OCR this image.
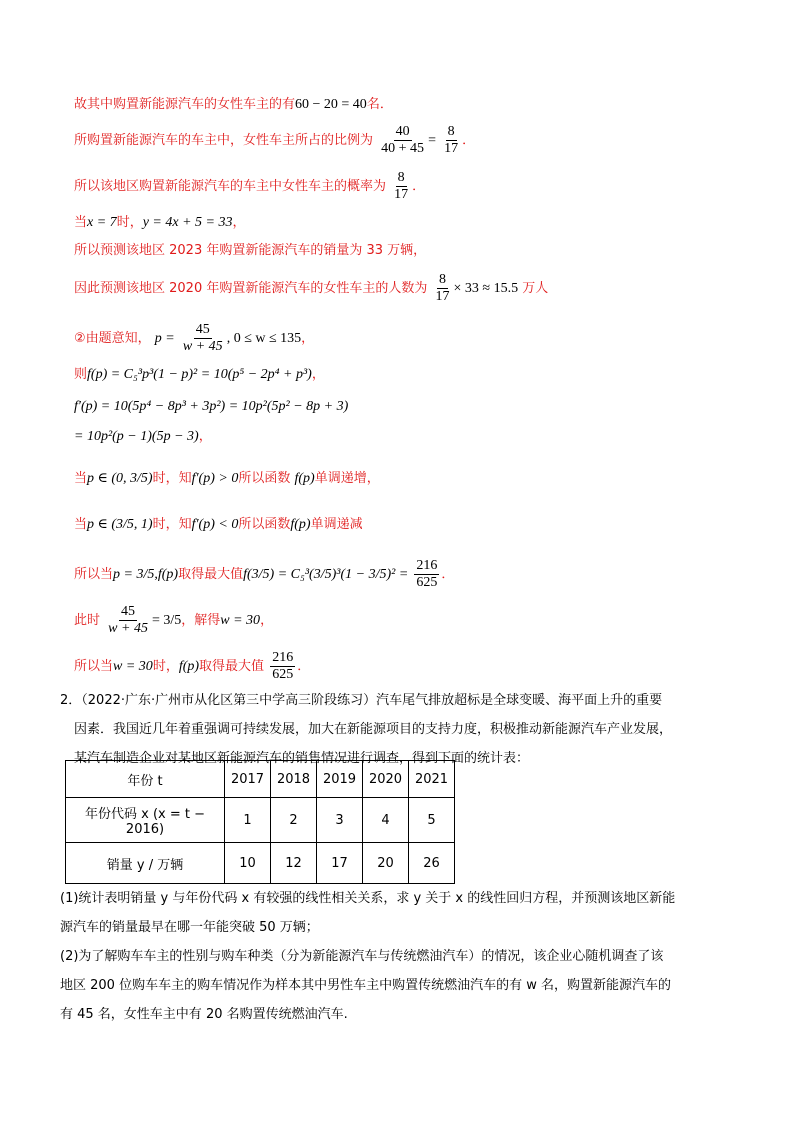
故其中购置新能源汽车的女性车主的有60 − 20 = 40名．
所购置新能源汽车的车主中，女性车主所占的比例为 $\frac{40}{40 + 45} = \frac{8}{17}$ ．
所以该地区购置新能源汽车的车主中女性车主的概率为 $\frac{8}{17}$ ．
当x = 7时，y = 4x + 5 = 33，
所以预测该地区 2023 年购置新能源汽车的销量为 33 万辆，
因此预测该地区 2020 年购置新能源汽车的女性车主的人数为 $\frac{8}{17} \times 33 \approx 15.5$ 万人
②由题意知， $p = \frac{45}{w + 45}$ , 0 ≤ w ≤ 135，
则f(p) = C₅³p³(1 − p)² = 10(p⁵ − 2p⁴ + p³)，
f′(p) = 10(5p⁴ − 8p³ + 3p²) = 10p²(5p² − 8p + 3)
= 10p²(p − 1)(5p − 3)，
当p ∈ (0, 3/5)时，知f′(p) > 0所以函数 f(p)单调递增，
当p ∈ (3/5, 1)时，知f′(p) < 0所以函数f(p)单调递减
所以当p = 3/5,f(p)取得最大值$f(3/5) = C_5^3(3/5)^3(1 - 3/5)^2 = \frac{216}{625}$ ．
此时 $\frac{45}{w + 45} = 3/5$，解得w = 30，
所以当w = 30时，f(p)取得最大值 $\frac{216}{625}$ ．
2．（2022·广东·广州市从化区第三中学高三阶段练习）汽车尾气排放超标是全球变暖、海平面上升的重要
因素．我国近几年着重强调可持续发展，加大在新能源项目的支持力度，积极推动新能源汽车产业发展，
某汽车制造企业对某地区新能源汽车的销售情况进行调查，得到下面的统计表：
年份 t	2017	2018	2019	2020	2021
年份代码 x (x = t − 2016)	1	2	3	4	5
销量 y / 万辆	10	12	17	20	26
(1)统计表明销量 y 与年份代码 x 有较强的线性相关关系，求 y 关于 x 的线性回归方程，并预测该地区新能
源汽车的销量最早在哪一年能突破 50 万辆；
(2)为了解购车车主的性别与购车种类（分为新能源汽车与传统燃油汽车）的情况，该企业心随机调查了该
地区 200 位购车车主的购车情况作为样本其中男性车主中购置传统燃油汽车的有 w 名，购置新能源汽车的
有 45 名，女性车主中有 20 名购置传统燃油汽车.
